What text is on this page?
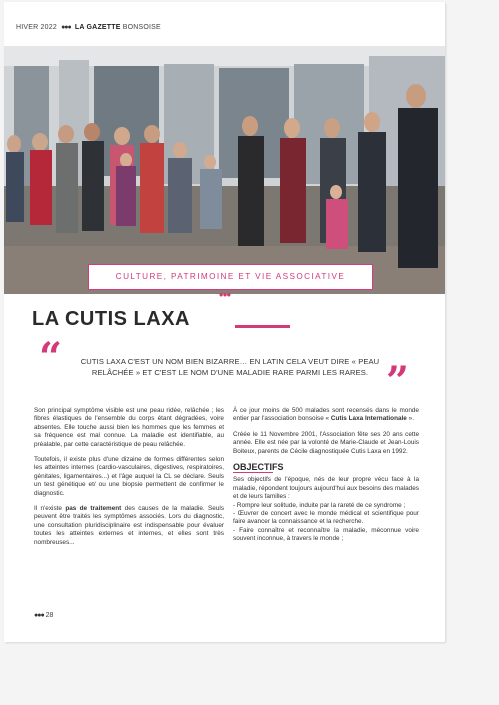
HIVER 2022 ●●● LA GAZETTE BONSOISE
CULTURE, PATRIMOINE ET VIE ASSOCIATIVE
●●●
LA CUTIS LAXA
“	CUTIS LAXA C'EST UN NOM BIEN BIZARRE… EN LATIN CELA VEUT DIRE « PEAU RELÂCHÉE » ET C'EST LE NOM D'UNE MALADIE RARE PARMI LES RARES. ”

Son principal symptôme visible est une peau ridée, relâchée ; les fibres élastiques de l'ensemble du corps étant dégradées, voire absentes. Elle touche aussi bien les hommes que les femmes et sa fréquence est mal connue. La maladie est identifiable, au préalable, par cette caractéristique de peau relâchée.

Toutefois, il existe plus d'une dizaine de formes différentes selon les atteintes internes (cardio-vasculaires, digestives, respiratoires, génitales, ligamentaires...) et l'âge auquel la CL se déclare. Seuls un test génétique et/ ou une biopsie permettent de confirmer le diagnostic.

Il n'existe pas de traitement des causes de la maladie. Seuls peuvent être traités les symptômes associés. Lors du diagnostic, une consultation pluridisciplinaire est indispensable pour évaluer toutes les atteintes externes et internes, et elles sont très nombreuses...

À ce jour moins de 500 malades sont recensés dans le monde entier par l'association bonsoise « Cutis Laxa Internationale ».

Créée le 11 Novembre 2001, l'Association fête ses 20 ans cette année. Elle est née par la volonté de Marie-Claude et Jean-Louis Boiteux, parents de Cécile diagnostiquée Cutis Laxa en 1992.

OBJECTIFS

Ses objectifs de l'époque, nés de leur propre vécu face à la maladie, répondent toujours aujourd'hui aux besoins des malades et de leurs familles :

- Rompre leur solitude, induite par la rareté de ce syndrome ;
- Œuvrer de concert avec le monde médical et scientifique pour faire avancer la connaissance et la recherche.
- Faire connaître et reconnaître la maladie, méconnue voire souvent inconnue, à travers le monde ;
●●● 28
